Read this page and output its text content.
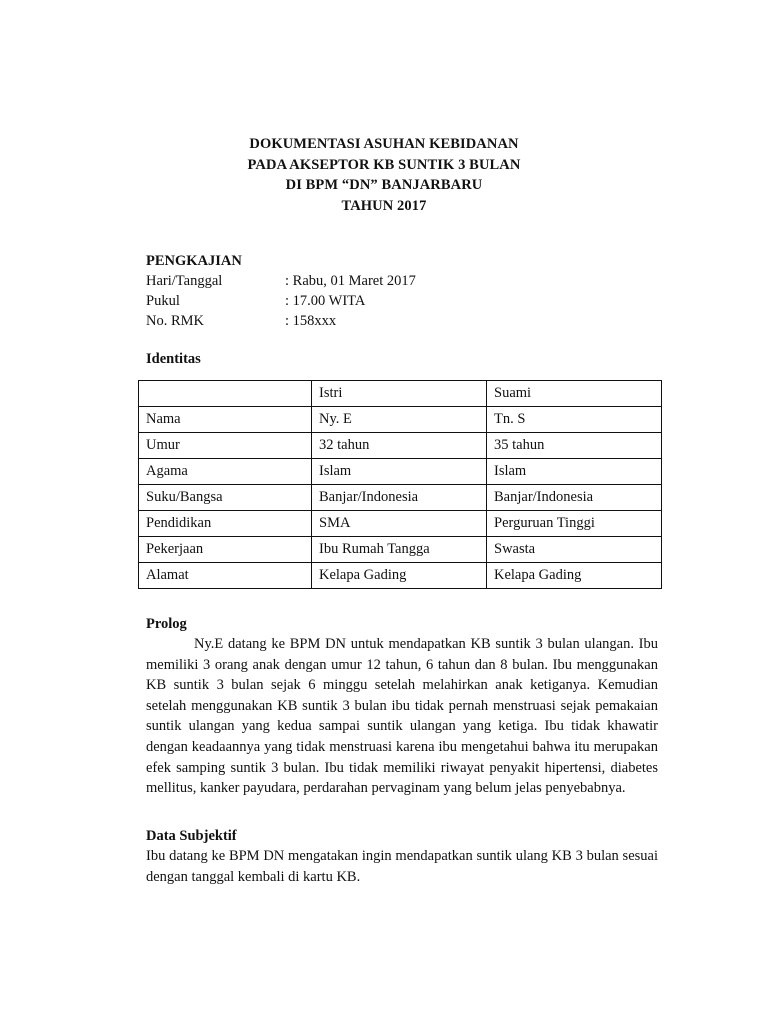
DOKUMENTASI ASUHAN KEBIDANAN
PADA AKSEPTOR KB SUNTIK 3 BULAN
DI BPM “DN” BANJARBARU
TAHUN 2017
PENGKAJIAN
Hari/Tanggal	: Rabu, 01 Maret 2017
Pukul	: 17.00 WITA
No. RMK	: 158xxx
Identitas
	Istri	Suami
Nama	Ny. E	Tn. S
Umur	32 tahun	35 tahun
Agama	Islam	Islam
Suku/Bangsa	Banjar/Indonesia	Banjar/Indonesia
Pendidikan	SMA	Perguruan Tinggi
Pekerjaan	Ibu Rumah Tangga	Swasta
Alamat	Kelapa Gading	Kelapa Gading
Prolog
Ny.E datang ke BPM DN untuk mendapatkan KB suntik 3 bulan ulangan. Ibu memiliki 3 orang anak dengan umur 12 tahun, 6 tahun dan 8 bulan. Ibu menggunakan KB suntik 3 bulan sejak 6 minggu setelah melahirkan anak ketiganya. Kemudian setelah menggunakan KB suntik 3 bulan ibu tidak pernah menstruasi sejak pemakaian suntik ulangan yang kedua sampai suntik ulangan yang ketiga. Ibu tidak khawatir dengan keadaannya yang tidak menstruasi karena ibu mengetahui bahwa itu merupakan efek samping suntik 3 bulan. Ibu tidak memiliki riwayat penyakit hipertensi, diabetes mellitus, kanker payudara, perdarahan pervaginam yang belum jelas penyebabnya.
Data Subjektif
Ibu datang ke BPM DN mengatakan ingin mendapatkan suntik ulang KB 3 bulan sesuai dengan tanggal kembali di kartu KB.
